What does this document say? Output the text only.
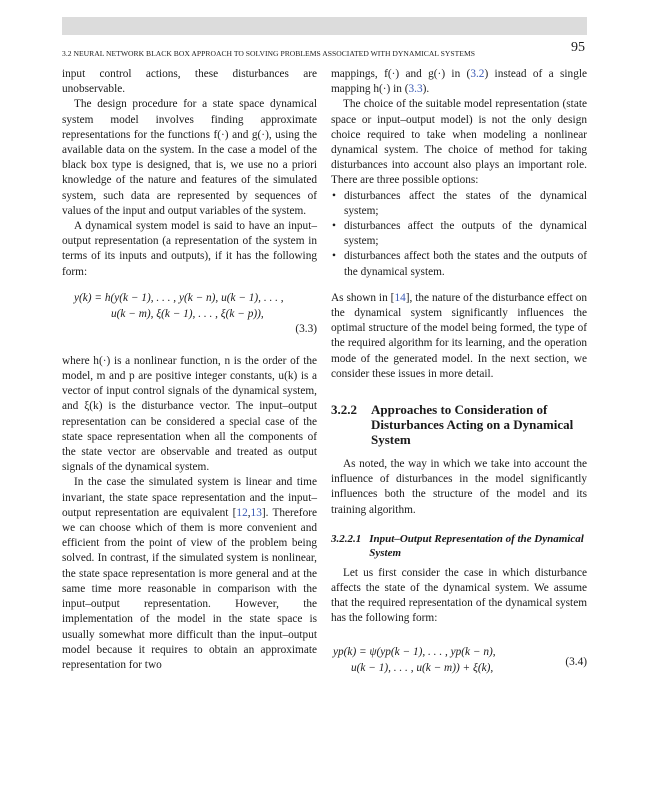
3.2 NEURAL NETWORK BLACK BOX APPROACH TO SOLVING PROBLEMS ASSOCIATED WITH DYNAMICAL SYSTEMS	95

input control actions, these disturbances are unobservable.

The design procedure for a state space dynamical system model involves finding approximate representations for the functions f(·) and g(·), using the available data on the system. In the case a model of the black box type is designed, that is, we use no a priori knowledge of the nature and features of the simulated system, such data are represented by sequences of values of the input and output variables of the system.

A dynamical system model is said to have an input–output representation (a representation of the system in terms of its inputs and outputs), if it has the following form:

y(k) = h(y(k − 1), . . . , y(k − n), u(k − 1), . . . ,
u(k − m), ξ(k − 1), . . . , ξ(k − p)),
(3.3)

where h(·) is a nonlinear function, n is the order of the model, m and p are positive integer constants, u(k) is a vector of input control signals of the dynamical system, and ξ(k) is the disturbance vector. The input–output representation can be considered a special case of the state space representation when all the components of the state vector are observable and treated as output signals of the dynamical system.

In the case the simulated system is linear and time invariant, the state space representation and the input–output representation are equivalent [12,13]. Therefore we can choose which of them is more convenient and efficient from the point of view of the problem being solved. In contrast, if the simulated system is nonlinear, the state space representation is more general and at the same time more reasonable in comparison with the input–output representation. However, the implementation of the model in the state space is usually somewhat more difficult than the input–output model because it requires to obtain an approximate representation for two

mappings, f(·) and g(·) in (3.2) instead of a single mapping h(·) in (3.3).

The choice of the suitable model representation (state space or input–output model) is not the only design choice required to take when modeling a nonlinear dynamical system. The choice of method for taking disturbances into account also plays an important role. There are three possible options:

• disturbances affect the states of the dynamical system;
• disturbances affect the outputs of the dynamical system;
• disturbances affect both the states and the outputs of the dynamical system.

As shown in [14], the nature of the disturbance effect on the dynamical system significantly influences the optimal structure of the model being formed, the type of the required algorithm for its learning, and the operation mode of the generated model. In the next section, we consider these issues in more detail.

3.2.2	Approaches to Consideration of Disturbances Acting on a Dynamical System

As noted, the way in which we take into account the influence of disturbances in the model significantly influences both the structure of the model and its training algorithm.

3.2.2.1 Input–Output Representation of the Dynamical System

Let us first consider the case in which disturbance affects the state of the dynamical system. We assume that the required representation of the dynamical system has the following form:

yp(k) = ψ(yp(k − 1), . . . , yp(k − n),
u(k − 1), . . . , u(k − m)) + ξ(k),	(3.4)
